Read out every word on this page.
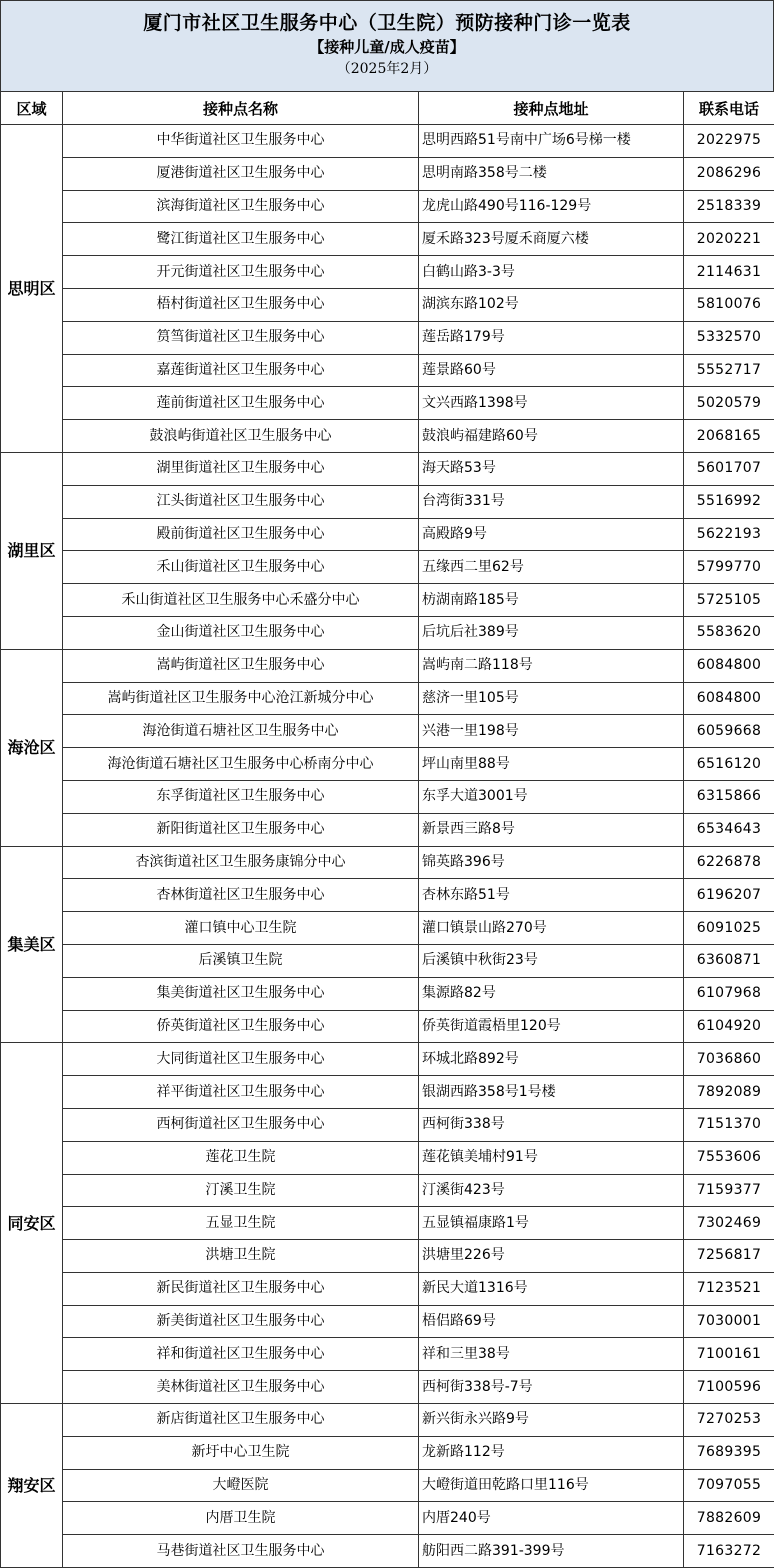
厦门市社区卫生服务中心（卫生院）预防接种门诊一览表
【接种儿童/成人疫苗】
（2025年2月）
区域	接种点名称	接种点地址	联系电话
思明区	中华街道社区卫生服务中心	思明西路51号南中广场6号梯一楼	2022975
	厦港街道社区卫生服务中心	思明南路358号二楼	2086296
	滨海街道社区卫生服务中心	龙虎山路490号116-129号	2518339
	鹭江街道社区卫生服务中心	厦禾路323号厦禾商厦六楼	2020221
	开元街道社区卫生服务中心	白鹤山路3-3号	2114631
	梧村街道社区卫生服务中心	湖滨东路102号	5810076
	筼筜街道社区卫生服务中心	莲岳路179号	5332570
	嘉莲街道社区卫生服务中心	莲景路60号	5552717
	莲前街道社区卫生服务中心	文兴西路1398号	5020579
	鼓浪屿街道社区卫生服务中心	鼓浪屿福建路60号	2068165
湖里区	湖里街道社区卫生服务中心	海天路53号	5601707
	江头街道社区卫生服务中心	台湾街331号	5516992
	殿前街道社区卫生服务中心	高殿路9号	5622193
	禾山街道社区卫生服务中心	五缘西二里62号	5799770
	禾山街道社区卫生服务中心禾盛分中心	枋湖南路185号	5725105
	金山街道社区卫生服务中心	后坑后社389号	5583620
海沧区	嵩屿街道社区卫生服务中心	嵩屿南二路118号	6084800
	嵩屿街道社区卫生服务中心沧江新城分中心	慈济一里105号	6084800
	海沧街道石塘社区卫生服务中心	兴港一里198号	6059668
	海沧街道石塘社区卫生服务中心桥南分中心	坪山南里88号	6516120
	东孚街道社区卫生服务中心	东孚大道3001号	6315866
	新阳街道社区卫生服务中心	新景西三路8号	6534643
集美区	杏滨街道社区卫生服务康锦分中心	锦英路396号	6226878
	杏林街道社区卫生服务中心	杏林东路51号	6196207
	灌口镇中心卫生院	灌口镇景山路270号	6091025
	后溪镇卫生院	后溪镇中秋街23号	6360871
	集美街道社区卫生服务中心	集源路82号	6107968
	侨英街道社区卫生服务中心	侨英街道霞梧里120号	6104920
同安区	大同街道社区卫生服务中心	环城北路892号	7036860
	祥平街道社区卫生服务中心	银湖西路358号1号楼	7892089
	西柯街道社区卫生服务中心	西柯街338号	7151370
	莲花卫生院	莲花镇美埔村91号	7553606
	汀溪卫生院	汀溪街423号	7159377
	五显卫生院	五显镇福康路1号	7302469
	洪塘卫生院	洪塘里226号	7256817
	新民街道社区卫生服务中心	新民大道1316号	7123521
	新美街道社区卫生服务中心	梧侣路69号	7030001
	祥和街道社区卫生服务中心	祥和三里38号	7100161
	美林街道社区卫生服务中心	西柯街338号-7号	7100596
翔安区	新店街道社区卫生服务中心	新兴街永兴路9号	7270253
	新圩中心卫生院	龙新路112号	7689395
	大嶝医院	大嶝街道田乾路口里116号	7097055
	内厝卫生院	内厝240号	7882609
	马巷街道社区卫生服务中心	舫阳西二路391-399号	7163272
